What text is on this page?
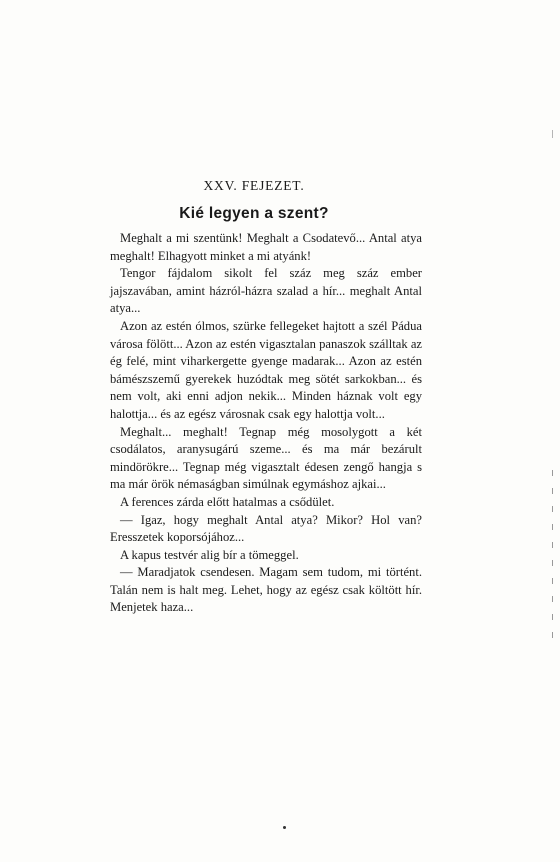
XXV. FEJEZET.
Kié legyen a szent?

Meghalt a mi szentünk! Meghalt a Csodatevő... Antal atya meghalt! Elhagyott minket a mi atyánk!

Tengor fájdalom sikolt fel száz meg száz ember jajszavában, amint házról-házra szalad a hír... meghalt Antal atya...

Azon az estén ólmos, szürke fellegeket hajtott a szél Pádua városa fölött... Azon az estén vigasztalan panaszok szálltak az ég felé, mint viharkergette gyenge madarak... Azon az estén bámészszemű gyerekek huzódtak meg sötét sarkokban... és nem volt, aki enni adjon nekik... Minden háznak volt egy halottja... és az egész városnak csak egy halottja volt...

Meghalt... meghalt! Tegnap még mosolygott a két csodálatos, aranysugárú szeme... és ma már bezárult mindörökre... Tegnap még vigasztalt édesen zengő hangja s ma már örök némaságban simúlnak egymáshoz ajkai...

A ferences zárda előtt hatalmas a csődület.

— Igaz, hogy meghalt Antal atya? Mikor? Hol van? Eresszetek koporsójához...

A kapus testvér alig bír a tömeggel.

— Maradjatok csendesen. Magam sem tudom, mi történt. Talán nem is halt meg. Lehet, hogy az egész csak költött hír. Menjetek haza...
